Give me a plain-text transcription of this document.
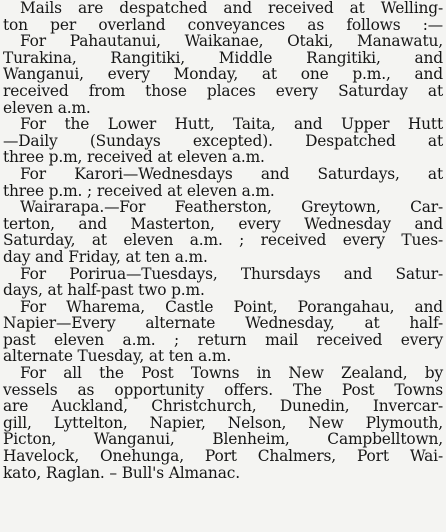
Mails are despatched and received at Welling-
ton per overland conveyances as follows :—
For Pahautanui, Waikanae, Otaki, Manawatu,
Turakina, Rangitiki, Middle Rangitiki, and
Wanganui, every Monday, at one p.m., and
received from those places every Saturday at
eleven a.m.
For the Lower Hutt, Taita, and Upper Hutt
—Daily (Sundays excepted). Despatched at
three p.m, received at eleven a.m.
For Karori—Wednesdays and Saturdays, at
three p.m. ; received at eleven a.m.
Wairarapa.—For Featherston, Greytown, Car-
terton, and Masterton, every Wednesday and
Saturday, at eleven a.m. ; received every Tues-
day and Friday, at ten a.m.
For Porirua—Tuesdays, Thursdays and Satur-
days, at half-past two p.m.
For Wharema, Castle Point, Porangahau, and
Napier—Every alternate Wednesday, at half-
past eleven a.m. ; return mail received every
alternate Tuesday, at ten a.m.
For all the Post Towns in New Zealand, by
vessels as opportunity offers. The Post Towns
are Auckland, Christchurch, Dunedin, Invercar-
gill, Lyttelton, Napier, Nelson, New Plymouth,
Picton, Wanganui, Blenheim, Campbelltown,
Havelock, Onehunga, Port Chalmers, Port Wai-
kato, Raglan. – Bull's Almanac.
